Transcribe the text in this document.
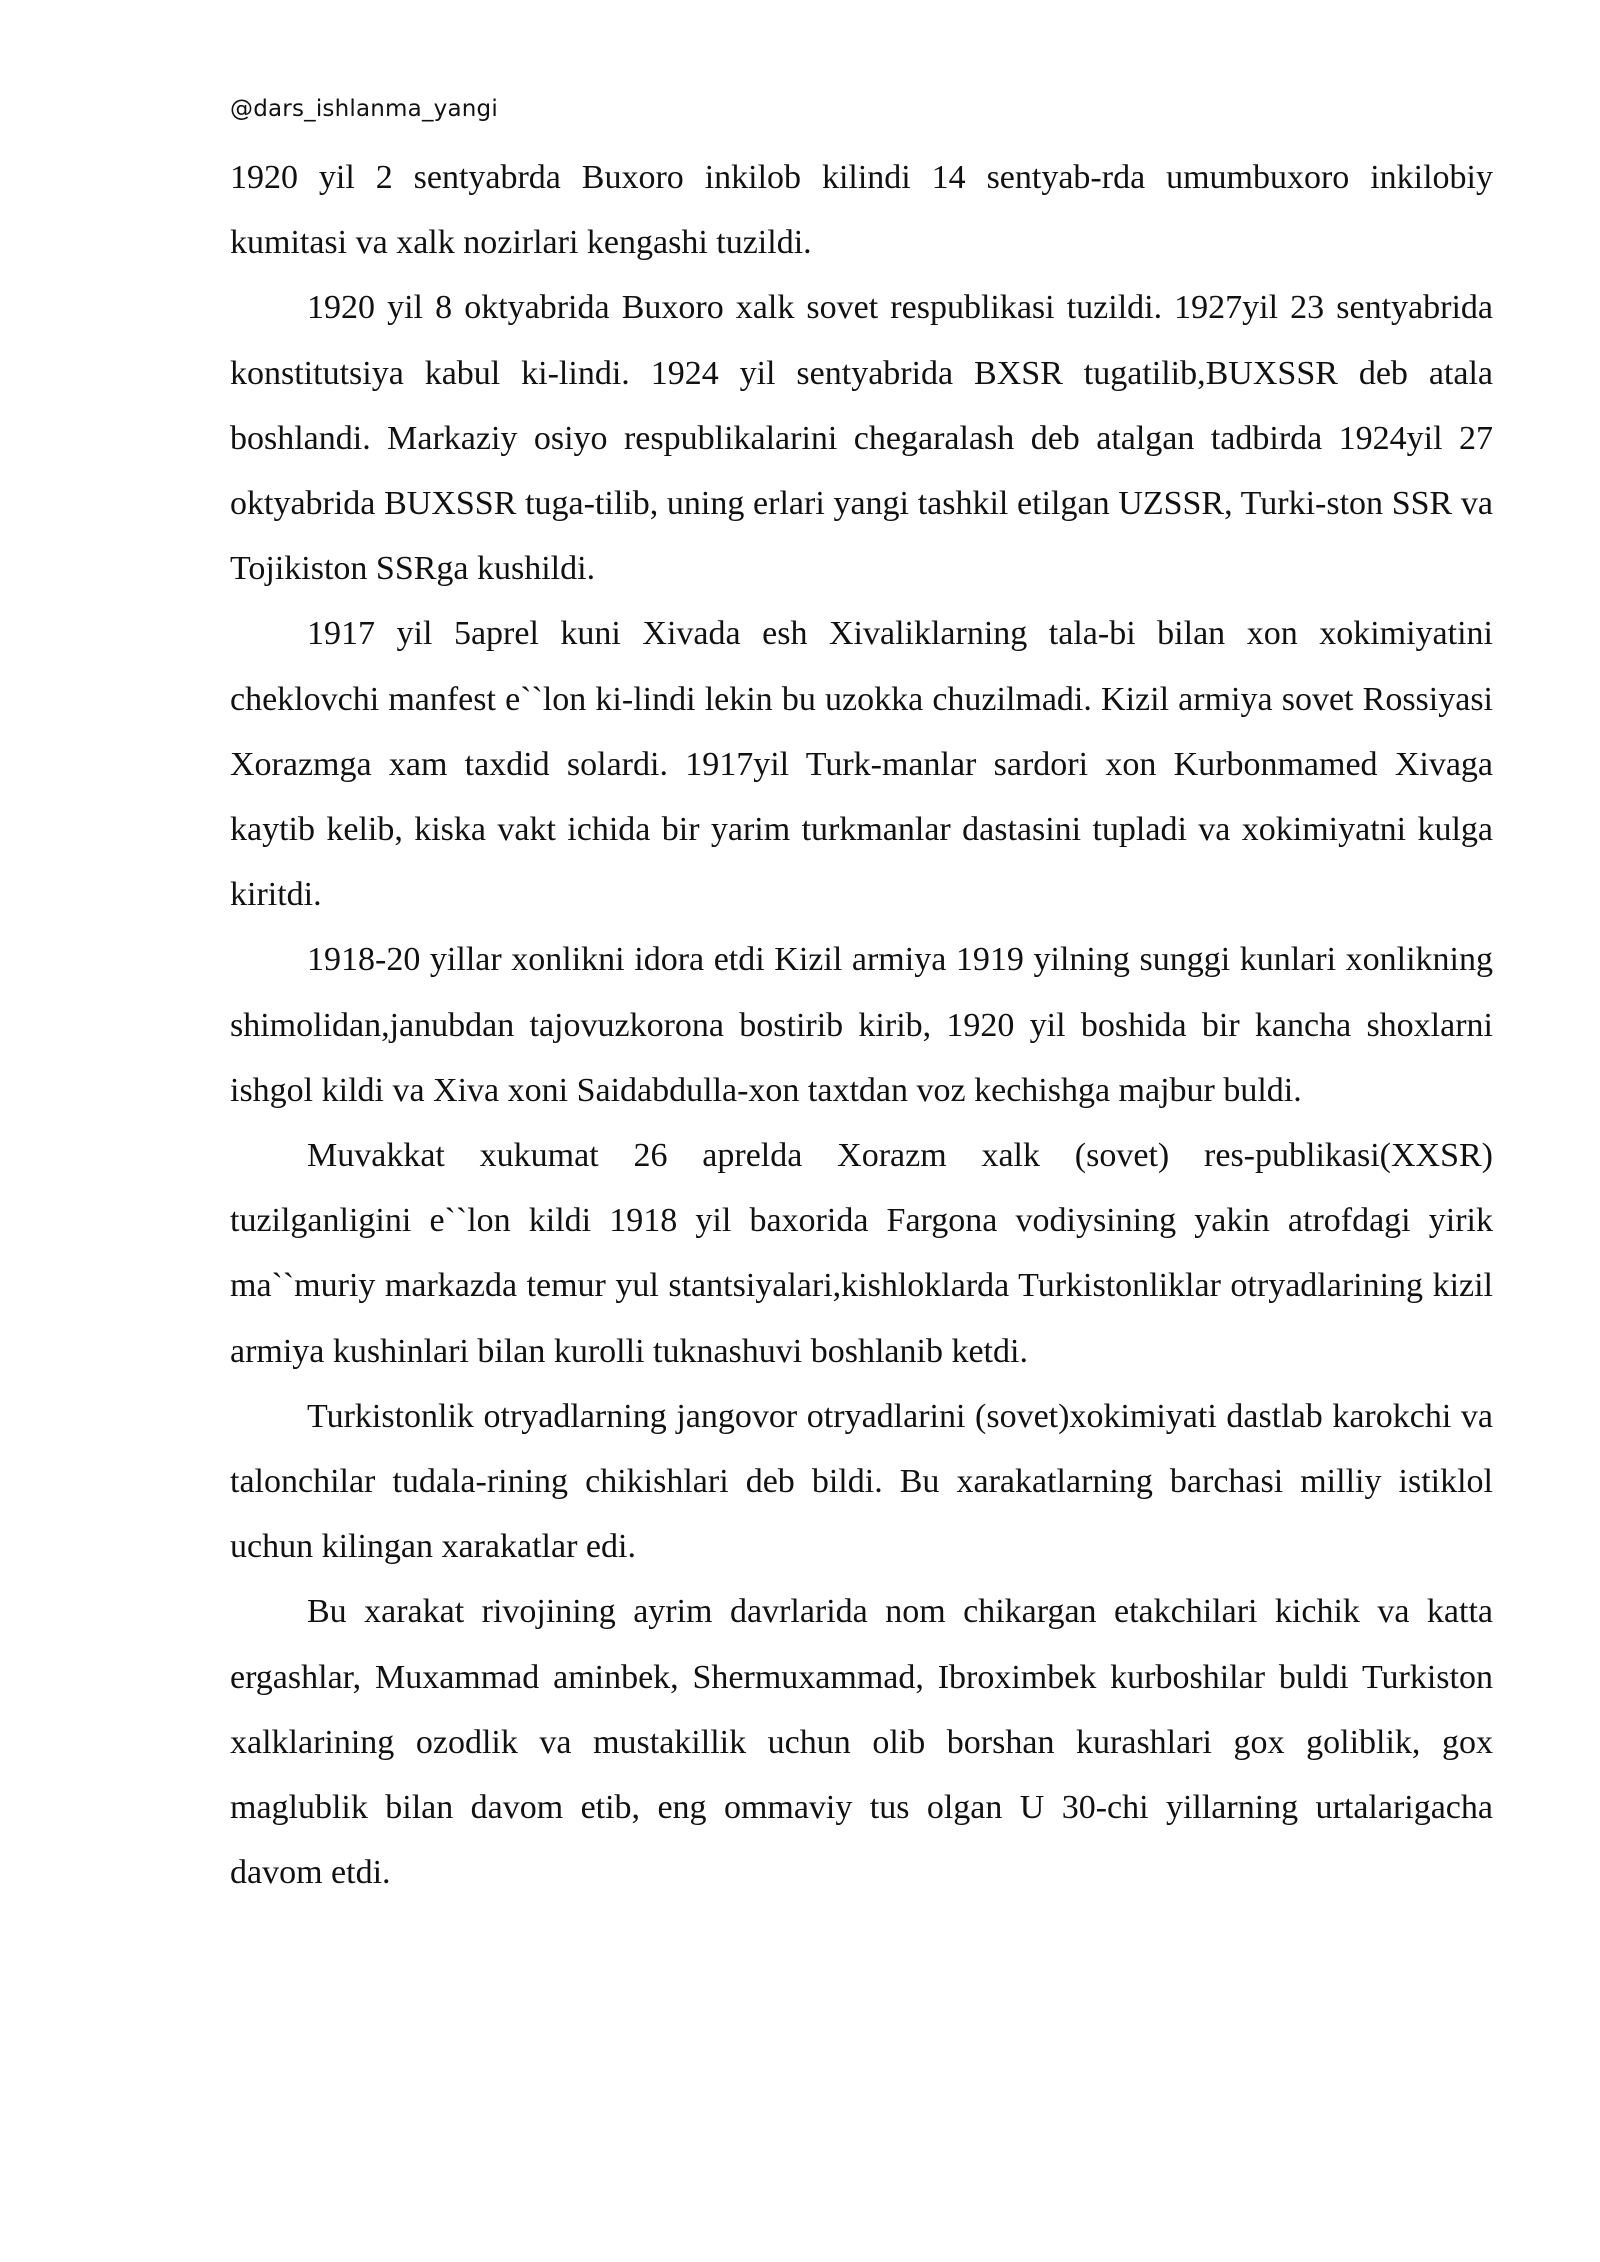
@dars_ishlanma_yangi

1920 yil 2 sentyabrda Buxoro inkilob kilindi 14 sentyab-rda umumbuxoro inkilobiy kumitasi va xalk nozirlari kengashi tuzildi.

1920 yil 8 oktyabrida Buxoro xalk sovet respublikasi tuzildi. 1927yil 23 sentyabrida konstitutsiya kabul ki-lindi. 1924 yil sentyabrida BXSR tugatilib,BUXSSR deb atala boshlandi. Markaziy osiyo respublikalarini chegaralash deb atalgan tadbirda 1924yil 27 oktyabrida BUXSSR tuga-tilib, uning erlari yangi tashkil etilgan UZSSR, Turki-ston SSR va Tojikiston SSRga kushildi.

1917 yil 5aprel kuni Xivada esh Xivaliklarning tala-bi bilan xon xokimiyatini cheklovchi manfest e``lon ki-lindi lekin bu uzokka chuzilmadi. Kizil armiya sovet Rossiyasi Xorazmga xam taxdid solardi. 1917yil Turk-manlar sardori xon Kurbonmamed Xivaga kaytib kelib, kiska vakt ichida bir yarim turkmanlar dastasini tupladi va xokimiyatni kulga kiritdi.

1918-20 yillar xonlikni idora etdi Kizil armiya 1919 yilning sunggi kunlari xonlikning shimolidan,janubdan tajovuzkorona bostirib kirib, 1920 yil boshida bir kancha shoxlarni ishgol kildi va Xiva xoni Saidabdulla-xon taxtdan voz kechishga majbur buldi.

Muvakkat xukumat 26 aprelda Xorazm xalk (sovet) res-publikasi(XXSR) tuzilganligini e``lon kildi 1918 yil baxorida Fargona vodiysining yakin atrofdagi yirik ma``muriy markazda temur yul stantsiyalari,kishloklarda Turkistonliklar otryadlarining kizil armiya kushinlari bilan kurolli tuknashuvi boshlanib ketdi.

Turkistonlik otryadlarning jangovor otryadlarini (sovet)xokimiyati dastlab karokchi va talonchilar tudala-rining chikishlari deb bildi. Bu xarakatlarning barchasi milliy istiklol uchun kilingan xarakatlar edi.

Bu xarakat rivojining ayrim davrlarida nom chikargan etakchilari kichik va katta ergashlar, Muxammad aminbek, Shermuxammad, Ibroximbek kurboshilar buldi Turkiston xalklarining ozodlik va mustakillik uchun olib borshan kurashlari gox goliblik, gox maglublik bilan davom etib, eng ommaviy tus olgan U 30-chi yillarning urtalarigacha davom etdi.
